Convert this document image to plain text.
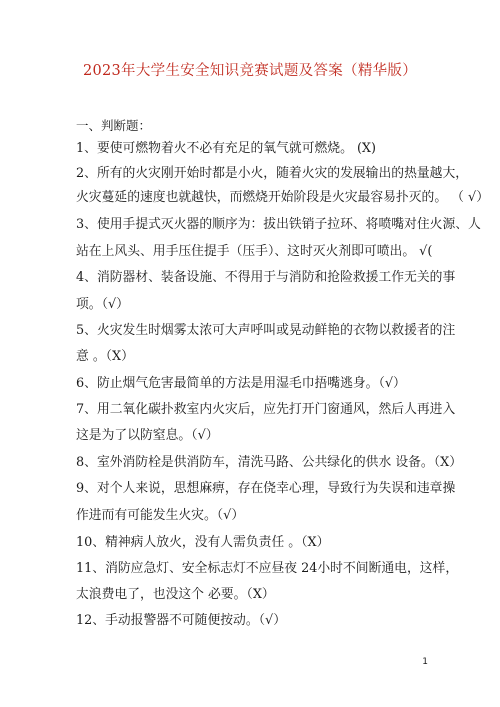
2023年大学生安全知识竞赛试题及答案（精华版）
一、判断题：
1、要使可燃物着火不必有充足的氧气就可燃烧。 (X)
2、所有的火灾刚开始时都是小火，随着火灾的发展输出的热量越大，
火灾蔓延的速度也就越快，而燃烧开始阶段是火灾最容易扑灭的。 （ √）
3、使用手提式灭火器的顺序为：拔出铁销子拉环、将喷嘴对住火源、人
站在上风头、用手压住提手（压手）、这时灭火剂即可喷出。 √(
4、消防器材、装备设施、不得用于与消防和抢险救援工作无关的事
项。（√）
5、火灾发生时烟雾太浓可大声呼叫或晃动鲜艳的衣物以救援者的注
意 。（X）
6、防止烟气危害最简单的方法是用湿毛巾捂嘴逃身。（√）
7、用二氧化碳扑救室内火灾后，应先打开门窗通风，然后人再进入
这是为了以防窒息。（√）
8、室外消防栓是供消防车，清洗马路、公共绿化的供水 设备。（X）
9、对个人来说，思想麻痹，存在侥幸心理，导致行为失误和违章操
作进而有可能发生火灾。（√）
10、精神病人放火，没有人需负责任 。（X）
11、消防应急灯、安全标志灯不应昼夜 24小时不间断通电，这样，
太浪费电了，也没这个 必要。（X）
12、手动报警器不可随便按动。（√）
1
